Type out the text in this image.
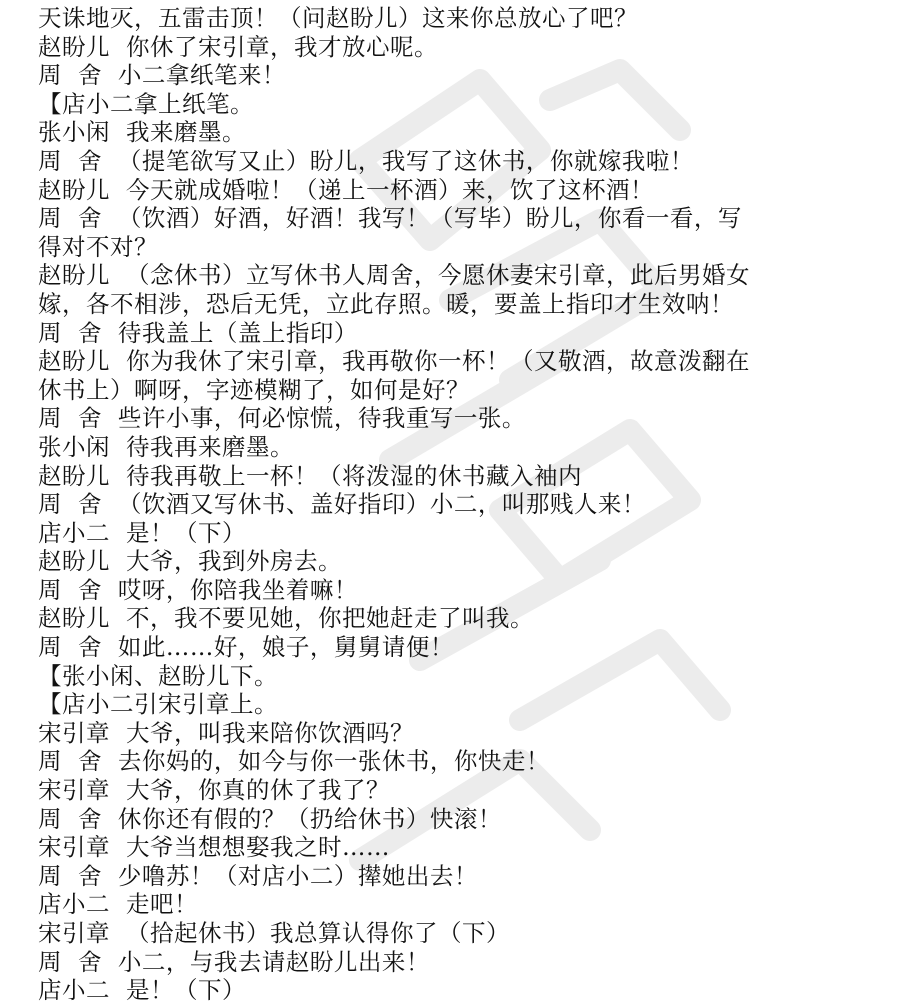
天诛地灭，五雷击顶！（问赵盼儿）这来你总放心了吧？
赵盼儿  你休了宋引章，我才放心呢。
周  舍  小二拿纸笔来！
【店小二拿上纸笔。
张小闲  我来磨墨。
周  舍  （提笔欲写又止）盼儿，我写了这休书，你就嫁我啦！
赵盼儿  今天就成婚啦！（递上一杯酒）来，饮了这杯酒！
周  舍  （饮酒）好酒，好酒！我写！（写毕）盼儿，你看一看，写
得对不对？
赵盼儿  （念休书）立写休书人周舍，今愿休妻宋引章，此后男婚女
嫁，各不相涉，恐后无凭，立此存照。暖，要盖上指印才生效呐！
周  舍  待我盖上（盖上指印）
赵盼儿  你为我休了宋引章，我再敬你一杯！（又敬酒，故意泼翻在
休书上）啊呀，字迹模糊了，如何是好？
周  舍  些许小事，何必惊慌，待我重写一张。
张小闲  待我再来磨墨。
赵盼儿  待我再敬上一杯！（将泼湿的休书藏入袖内
周  舍  （饮酒又写休书、盖好指印）小二，叫那贱人来！
店小二  是！（下）
赵盼儿  大爷，我到外房去。
周  舍  哎呀，你陪我坐着嘛！
赵盼儿  不，我不要见她，你把她赶走了叫我。
周  舍  如此……好，娘子，舅舅请便！
【张小闲、赵盼儿下。
【店小二引宋引章上。
宋引章  大爷，叫我来陪你饮酒吗？
周  舍  去你妈的，如今与你一张休书，你快走！
宋引章  大爷，你真的休了我了？
周  舍  休你还有假的？（扔给休书）快滚！
宋引章  大爷当想想娶我之时……
周  舍  少噜苏！（对店小二）撵她出去！
店小二  走吧！
宋引章  （拾起休书）我总算认得你了（下）
周  舍  小二，与我去请赵盼儿出来！
店小二  是！（下）
